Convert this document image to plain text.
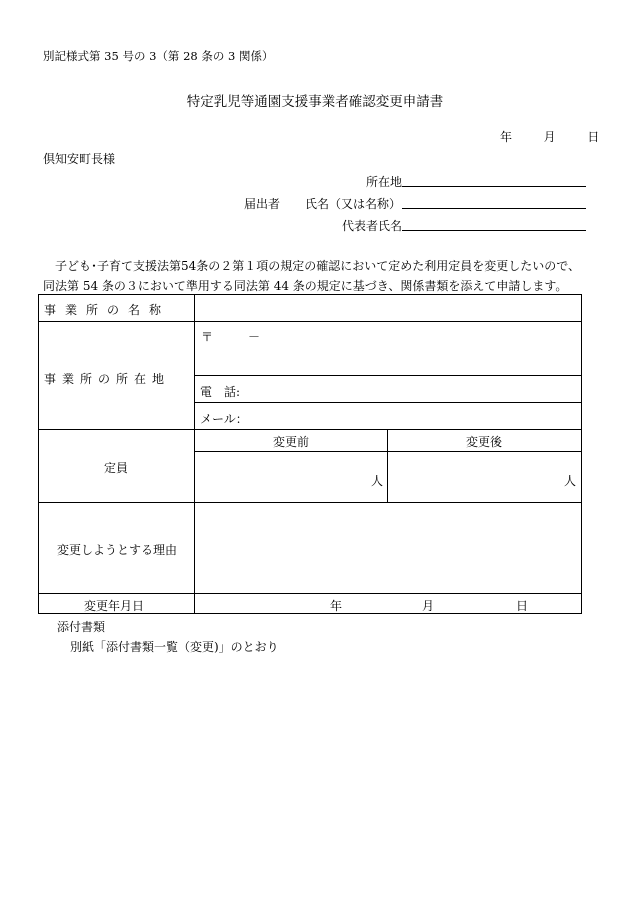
別記様式第 35 号の 3（第 28 条の 3 関係）
特定乳児等通園支援事業者確認変更申請書
年	月	日
倶知安町長様
所在地
届出者 氏名（又は名称）
代表者氏名
　子ども･子育て支援法第54条の２第１項の規定の確認において定めた利用定員を変更したいので、
同法第 54 条の３において準用する同法第 44 条の規定に基づき、関係書類を添えて申請します。
事業所の名称
事業所の所在地
〒	－
電　話:
メール：
定員
変更前	変更後
人	人
変更しようとする理由
変更年月日	年	月	日
添付書類
別紙「添付書類一覧（変更)」のとおり
